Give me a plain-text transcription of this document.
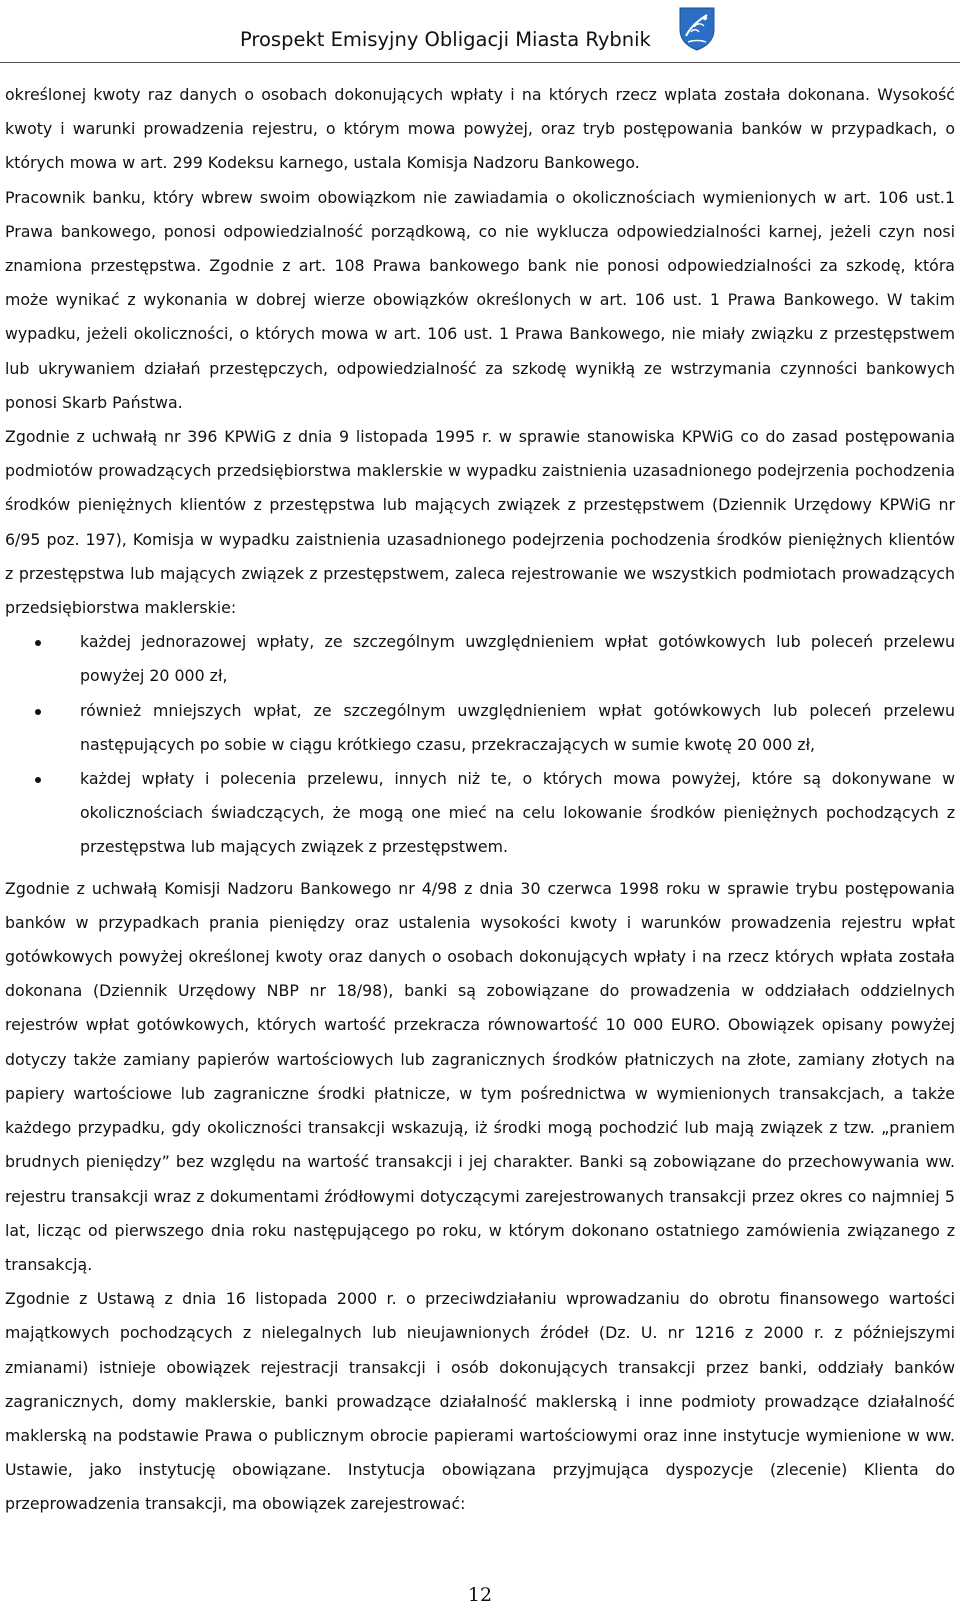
Prospekt Emisyjny Obligacji Miasta Rybnik

określonej kwoty raz danych o osobach dokonujących wpłaty i na których rzecz wplata została dokonana. Wysokość kwoty i warunki prowadzenia rejestru, o którym mowa powyżej, oraz tryb postępowania banków w przypadkach, o których mowa w art. 299 Kodeksu karnego, ustala Komisja Nadzoru Bankowego.

Pracownik banku, który wbrew swoim obowiązkom nie zawiadamia o okolicznościach wymienionych w art. 106 ust.1 Prawa bankowego, ponosi odpowiedzialność porządkową, co nie wyklucza odpowiedzialności karnej, jeżeli czyn nosi znamiona przestępstwa. Zgodnie z art. 108 Prawa bankowego bank nie ponosi odpowiedzialności za szkodę, która może wynikać z wykonania w dobrej wierze obowiązków określonych w art. 106 ust. 1 Prawa Bankowego. W takim wypadku, jeżeli okoliczności, o których mowa w art. 106 ust. 1 Prawa Bankowego, nie miały związku z przestępstwem lub ukrywaniem działań przestępczych, odpowiedzialność za szkodę wynikłą ze wstrzymania czynności bankowych ponosi Skarb Państwa.

Zgodnie z uchwałą nr 396 KPWiG z dnia 9 listopada 1995 r. w sprawie stanowiska KPWiG co do zasad postępowania podmiotów prowadzących przedsiębiorstwa maklerskie w wypadku zaistnienia uzasadnionego podejrzenia pochodzenia środków pieniężnych klientów z przestępstwa lub mających związek z przestępstwem (Dziennik Urzędowy KPWiG nr 6/95 poz. 197), Komisja w wypadku zaistnienia uzasadnionego podejrzenia pochodzenia środków pieniężnych klientów z przestępstwa lub mających związek z przestępstwem, zaleca rejestrowanie we wszystkich podmiotach prowadzących przedsiębiorstwa maklerskie:

każdej jednorazowej wpłaty, ze szczególnym uwzględnieniem wpłat gotówkowych lub poleceń przelewu powyżej 20 000 zł,
również mniejszych wpłat, ze szczególnym uwzględnieniem wpłat gotówkowych lub poleceń przelewu następujących po sobie w ciągu krótkiego czasu, przekraczających w sumie kwotę 20 000 zł,
każdej wpłaty i polecenia przelewu, innych niż te, o których mowa powyżej, które są dokonywane w okolicznościach świadczących, że mogą one mieć na celu lokowanie środków pieniężnych pochodzących z przestępstwa lub mających związek z przestępstwem.

Zgodnie z uchwałą Komisji Nadzoru Bankowego nr 4/98 z dnia 30 czerwca 1998 roku w sprawie trybu postępowania banków w przypadkach prania pieniędzy oraz ustalenia wysokości kwoty i warunków prowadzenia rejestru wpłat gotówkowych powyżej określonej kwoty oraz danych o osobach dokonujących wpłaty i na rzecz których wpłata została dokonana (Dziennik Urzędowy NBP nr 18/98), banki są zobowiązane do prowadzenia w oddziałach oddzielnych rejestrów wpłat gotówkowych, których wartość przekracza równowartość 10 000 EURO. Obowiązek opisany powyżej dotyczy także zamiany papierów wartościowych lub zagranicznych środków płatniczych na złote, zamiany złotych na papiery wartościowe lub zagraniczne środki płatnicze, w tym pośrednictwa w wymienionych transakcjach, a także każdego przypadku, gdy okoliczności transakcji wskazują, iż środki mogą pochodzić lub mają związek z tzw. „praniem brudnych pieniędzy” bez względu na wartość transakcji i jej charakter. Banki są zobowiązane do przechowywania ww. rejestru transakcji wraz z dokumentami źródłowymi dotyczącymi zarejestrowanych transakcji przez okres co najmniej 5 lat, licząc od pierwszego dnia roku następującego po roku, w którym dokonano ostatniego zamówienia związanego z transakcją.

Zgodnie z Ustawą z dnia 16 listopada 2000 r. o przeciwdziałaniu wprowadzaniu do obrotu finansowego wartości majątkowych pochodzących z nielegalnych lub nieujawnionych źródeł (Dz. U. nr 1216 z 2000 r. z późniejszymi zmianami) istnieje obowiązek rejestracji transakcji i osób dokonujących transakcji przez banki, oddziały banków zagranicznych, domy maklerskie, banki prowadzące działalność maklerską i inne podmioty prowadzące działalność maklerską na podstawie Prawa o publicznym obrocie papierami wartościowymi oraz inne instytucje wymienione w ww. Ustawie, jako instytucję obowiązane. Instytucja obowiązana przyjmująca dyspozycje (zlecenie) Klienta do przeprowadzenia transakcji, ma obowiązek zarejestrować:

12
